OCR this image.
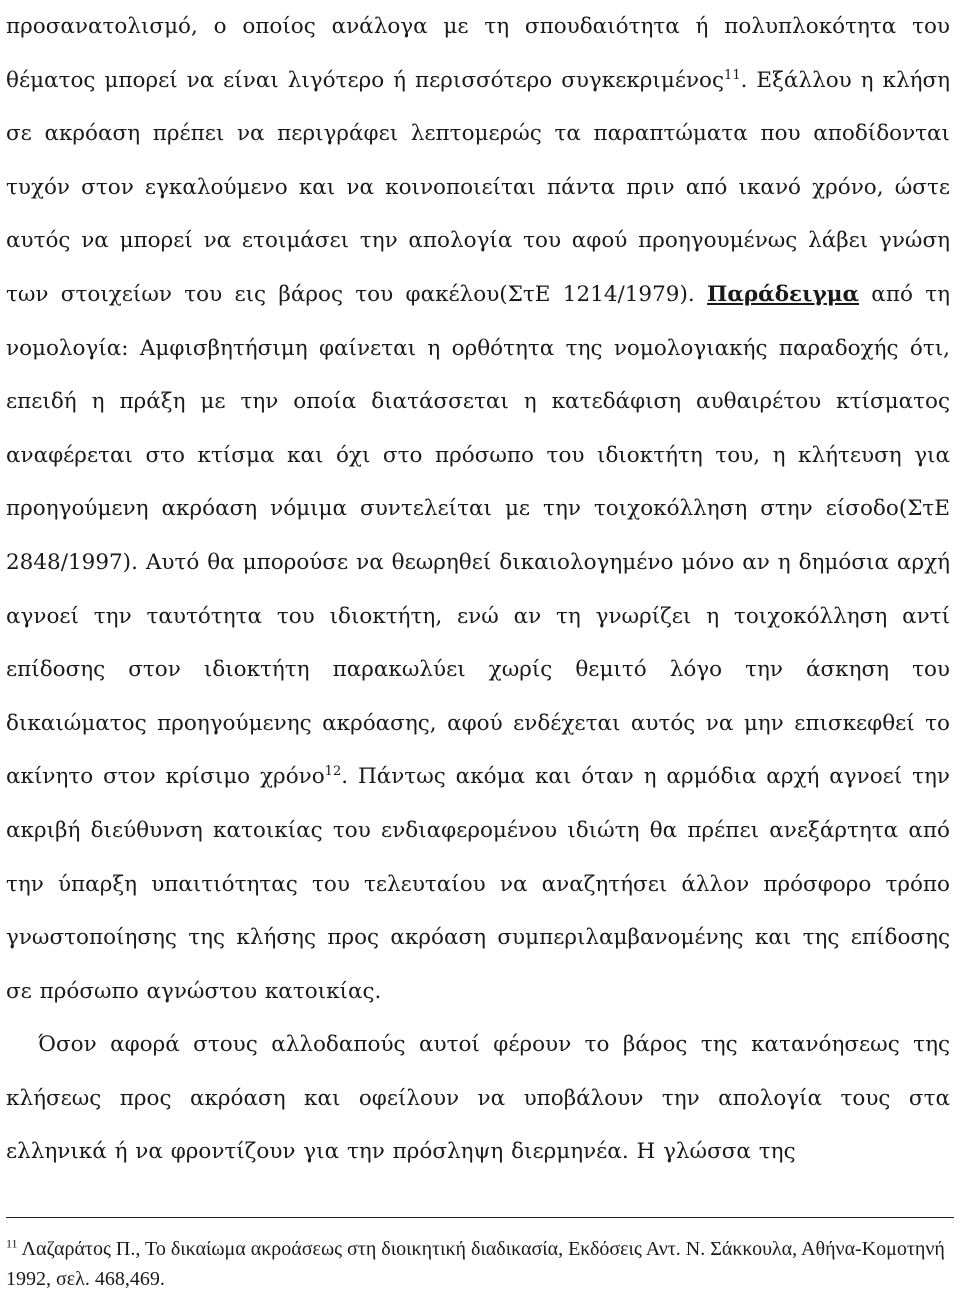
προσανατολισμό, ο οποίος ανάλογα με τη σπουδαιότητα ή πολυπλοκότητα του θέματος μπορεί να είναι λιγότερο ή περισσότερο συγκεκριμένος$^{11}$. Εξάλλου η κλήση σε ακρόαση πρέπει να περιγράφει λεπτομερώς τα παραπτώματα που αποδίδονται τυχόν στον εγκαλούμενο και να κοινοποιείται πάντα πριν από ικανό χρόνο, ώστε αυτός να μπορεί να ετοιμάσει την απολογία του αφού προηγουμένως λάβει γνώση των στοιχείων του εις βάρος του φακέλου(ΣτΕ 1214/1979). Παράδειγμα από τη νομολογία: Αμφισβητήσιμη φαίνεται η ορθότητα της νομολογιακής παραδοχής ότι, επειδή η πράξη με την οποία διατάσσεται η κατεδάφιση αυθαιρέτου κτίσματος αναφέρεται στο κτίσμα και όχι στο πρόσωπο του ιδιοκτήτη του, η κλήτευση για προηγούμενη ακρόαση νόμιμα συντελείται με την τοιχοκόλληση στην είσοδο(ΣτΕ 2848/1997). Αυτό θα μπορούσε να θεωρηθεί δικαιολογημένο μόνο αν η δημόσια αρχή αγνοεί την ταυτότητα του ιδιοκτήτη, ενώ αν τη γνωρίζει η τοιχοκόλληση αντί επίδοσης στον ιδιοκτήτη παρακωλύει χωρίς θεμιτό λόγο την άσκηση του δικαιώματος προηγούμενης ακρόασης, αφού ενδέχεται αυτός να μην επισκεφθεί το ακίνητο στον κρίσιμο χρόνο$^{12}$. Πάντως ακόμα και όταν η αρμόδια αρχή αγνοεί την ακριβή διεύθυνση κατοικίας του ενδιαφερομένου ιδιώτη θα πρέπει ανεξάρτητα από την ύπαρξη υπαιτιότητας του τελευταίου να αναζητήσει άλλον πρόσφορο τρόπο γνωστοποίησης της κλήσης προς ακρόαση συμπεριλαμβανομένης και της επίδοσης σε πρόσωπο αγνώστου κατοικίας.

Όσον αφορά στους αλλοδαπούς αυτοί φέρουν το βάρος της κατανόησεως της κλήσεως προς ακρόαση και οφείλουν να υποβάλουν την απολογία τους στα ελληνικά ή να φροντίζουν για την πρόσληψη διερμηνέα. Η γλώσσα της

$^{11}$ Λαζαράτος Π., Το δικαίωμα ακροάσεως στη διοικητική διαδικασία, Εκδόσεις Αντ. Ν. Σάκκουλα, Αθήνα-Κομοτηνή 1992, σελ. 468,469.
